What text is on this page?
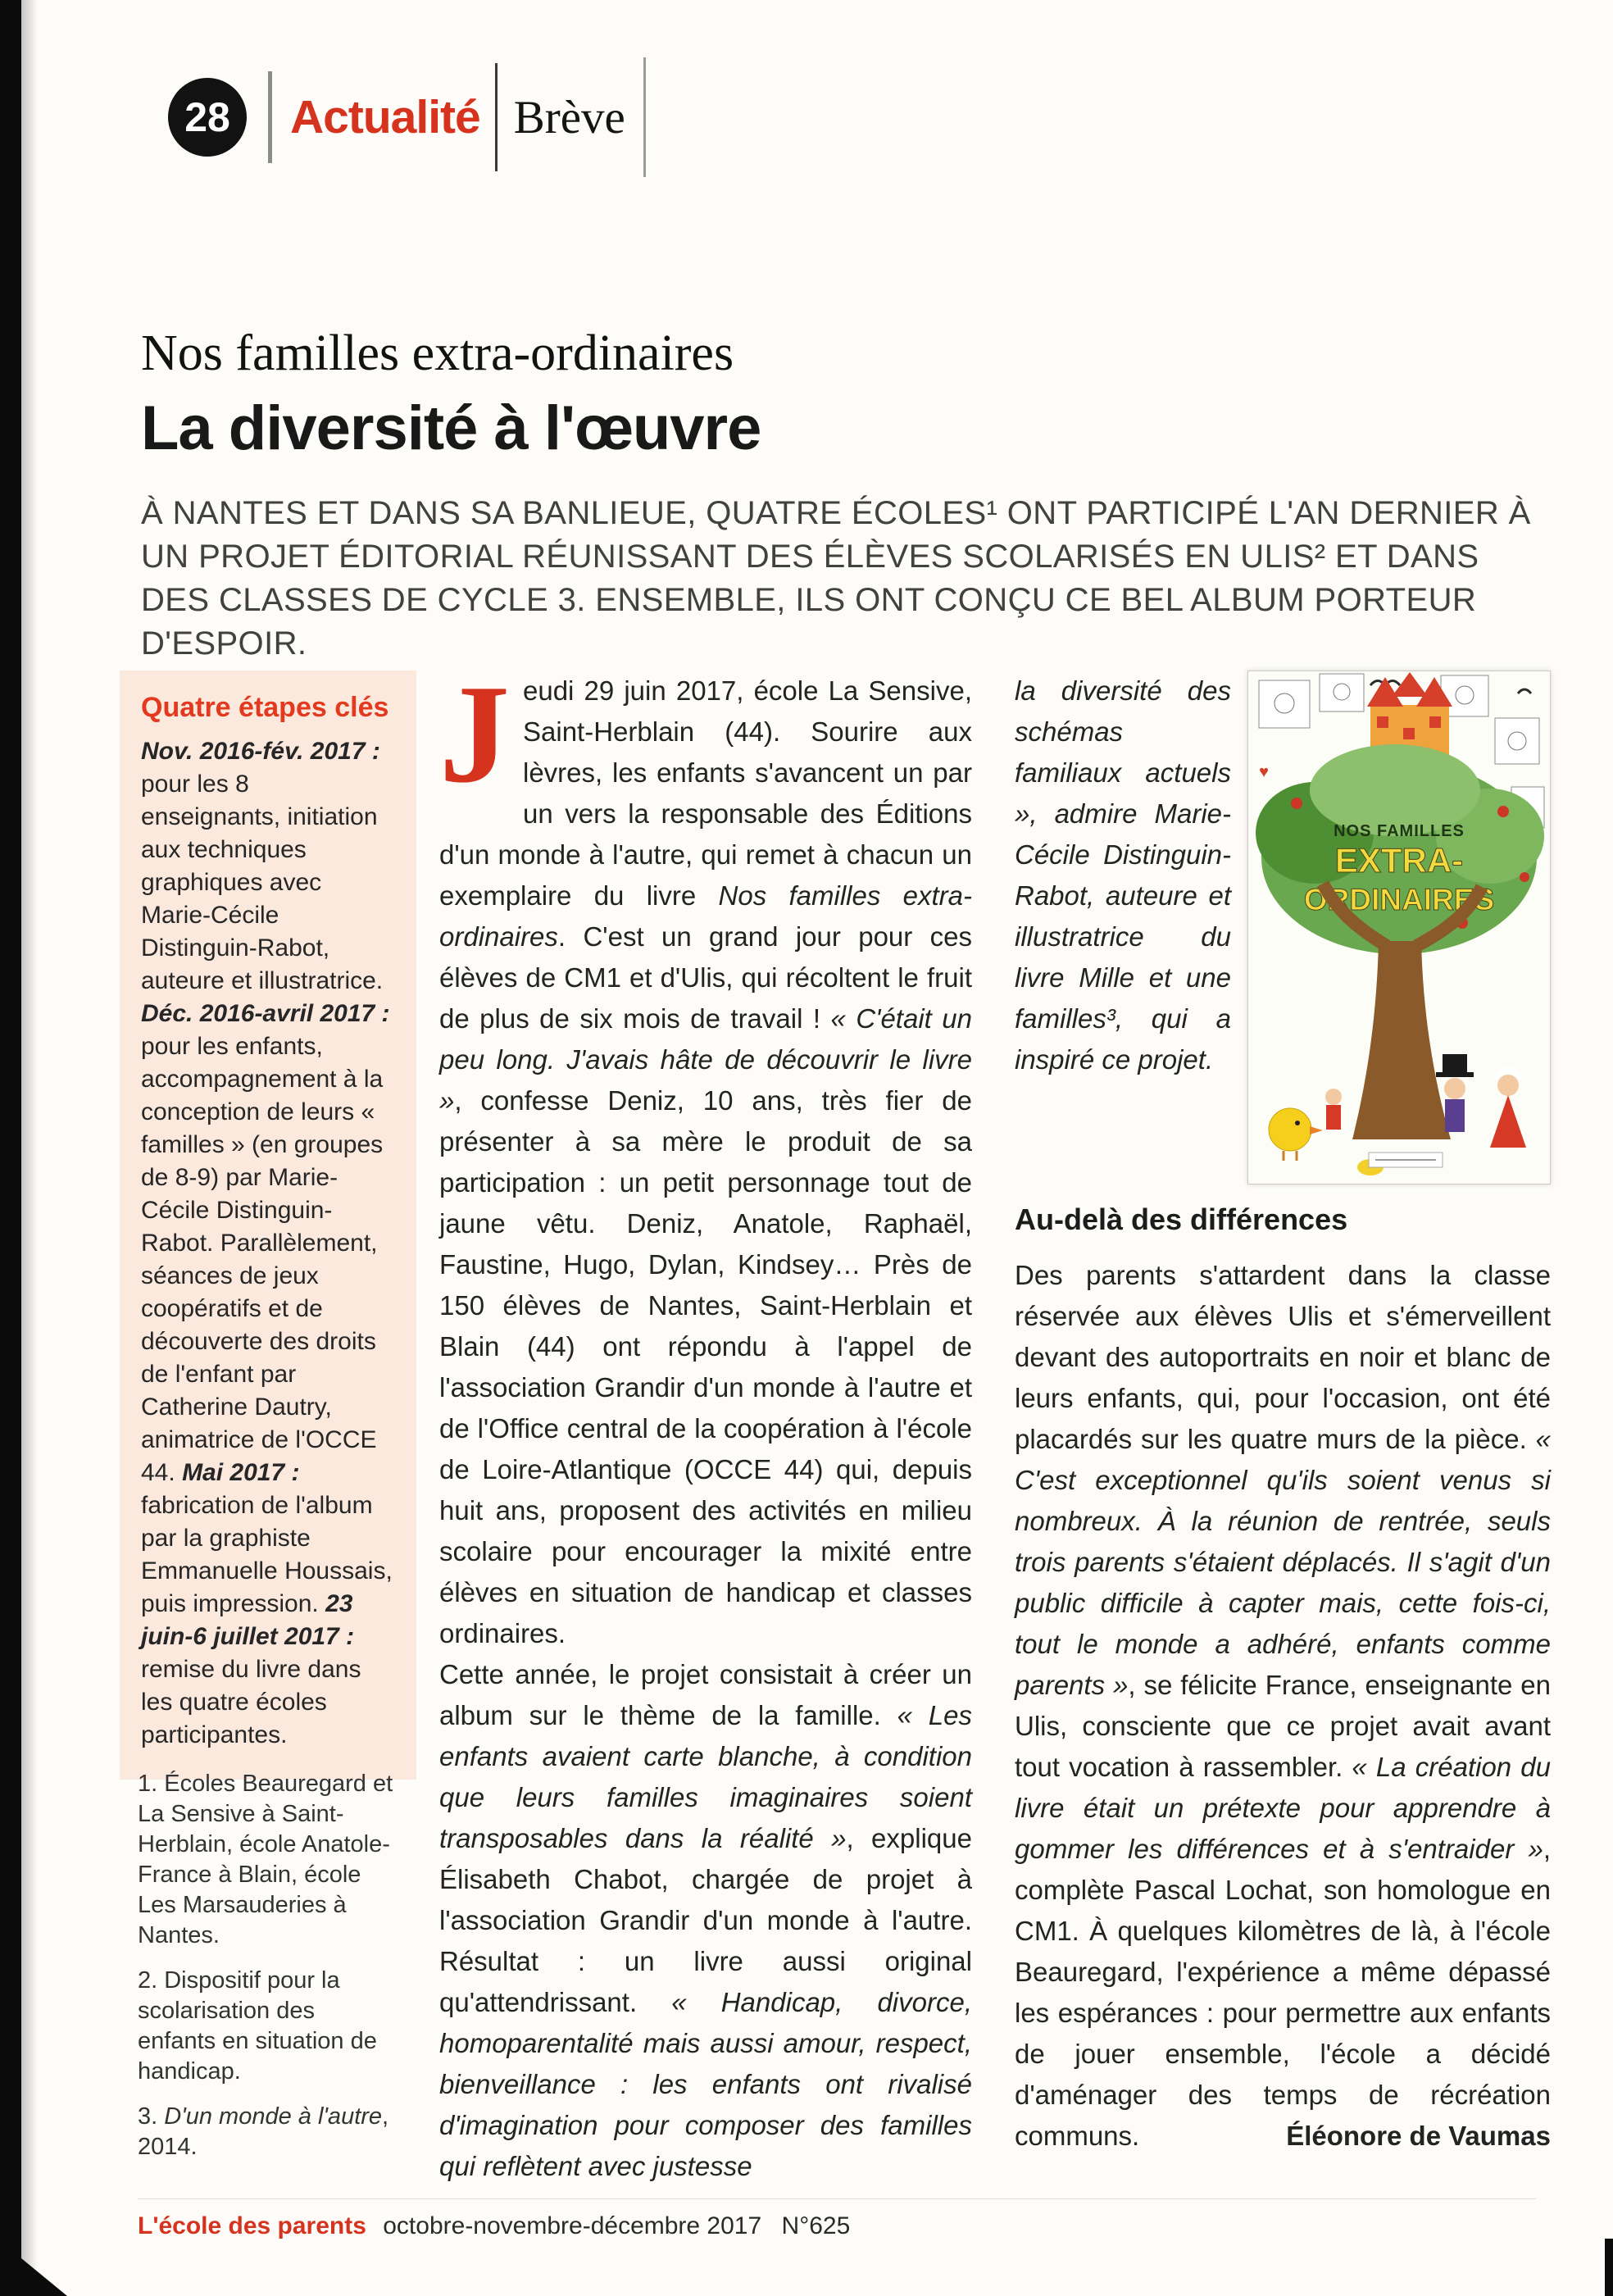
28	Actualité Brève

Nos familles extra-ordinaires

La diversité à l'œuvre

À NANTES ET DANS SA BANLIEUE, QUATRE ÉCOLES¹ ONT PARTICIPÉ L'AN DERNIER À UN PROJET ÉDITORIAL RÉUNISSANT DES ÉLÈVES SCOLARISÉS EN ULIS² ET DANS DES CLASSES DE CYCLE 3. ENSEMBLE, ILS ONT CONÇU CE BEL ALBUM PORTEUR D'ESPOIR.

Quatre étapes clés

Nov. 2016-fév. 2017 : pour les 8 enseignants, initiation aux techniques graphiques avec Marie-Cécile Distinguin-Rabot, auteure et illustratrice. Déc. 2016-avril 2017 : pour les enfants, accompagnement à la conception de leurs « familles » (en groupes de 8-9) par Marie-Cécile Distinguin-Rabot. Parallèlement, séances de jeux coopératifs et de découverte des droits de l'enfant par Catherine Dautry, animatrice de l'OCCE 44. Mai 2017 : fabrication de l'album par la graphiste Emmanuelle Houssais, puis impression. 23 juin-6 juillet 2017 : remise du livre dans les quatre écoles participantes.

1. Écoles Beauregard et La Sensive à Saint-Herblain, école Anatole-France à Blain, école Les Marsauderies à Nantes.

2. Dispositif pour la scolarisation des enfants en situation de handicap.

3. D'un monde à l'autre, 2014.

Jeudi 29 juin 2017, école La Sensive, Saint-Herblain (44). Sourire aux lèvres, les enfants s'avancent un par un vers la responsable des Éditions d'un monde à l'autre, qui remet à chacun un exemplaire du livre Nos familles extra-ordinaires. C'est un grand jour pour ces élèves de CM1 et d'Ulis, qui récoltent le fruit de plus de six mois de travail ! « C'était un peu long. J'avais hâte de découvrir le livre », confesse Deniz, 10 ans, très fier de présenter à sa mère le produit de sa participation : un petit personnage tout de jaune vêtu. Deniz, Anatole, Raphaël, Faustine, Hugo, Dylan, Kindsey… Près de 150 élèves de Nantes, Saint-Herblain et Blain (44) ont répondu à l'appel de l'association Grandir d'un monde à l'autre et de l'Office central de la coopération à l'école de Loire-Atlantique (OCCE 44) qui, depuis huit ans, proposent des activités en milieu scolaire pour encourager la mixité entre élèves en situation de handicap et classes ordinaires.

Cette année, le projet consistait à créer un album sur le thème de la famille. « Les enfants avaient carte blanche, à condition que leurs familles imaginaires soient transposables dans la réalité », explique Élisabeth Chabot, chargée de projet à l'association Grandir d'un monde à l'autre. Résultat : un livre aussi original qu'attendrissant. « Handicap, divorce, homoparentalité mais aussi amour, respect, bienveillance : les enfants ont rivalisé d'imagination pour composer des familles qui reflètent avec justesse

♥
NOS FAMILLES
EXTRA-
ORDINAIRES

la diversité des schémas familiaux actuels », admire Marie-Cécile Distinguin-Rabot, auteure et illustratrice du livre Mille et une familles³, qui a inspiré ce projet.

Au-delà des différences

Des parents s'attardent dans la classe réservée aux élèves Ulis et s'émerveillent devant des autoportraits en noir et blanc de leurs enfants, qui, pour l'occasion, ont été placardés sur les quatre murs de la pièce. « C'est exceptionnel qu'ils soient venus si nombreux. À la réunion de rentrée, seuls trois parents s'étaient déplacés. Il s'agit d'un public difficile à capter mais, cette fois-ci, tout le monde a adhéré, enfants comme parents », se félicite France, enseignante en Ulis, consciente que ce projet avait avant tout vocation à rassembler. « La création du livre était un prétexte pour apprendre à gommer les différences et à s'entraider », complète Pascal Lochat, son homologue en CM1. À quelques kilomètres de là, à l'école Beauregard, l'expérience a même dépassé les espérances : pour permettre aux enfants de jouer ensemble, l'école a décidé d'aménager des temps de récréation communs.	Éléonore de Vaumas
L'école des parents octobre-novembre-décembre 2017 N°625
